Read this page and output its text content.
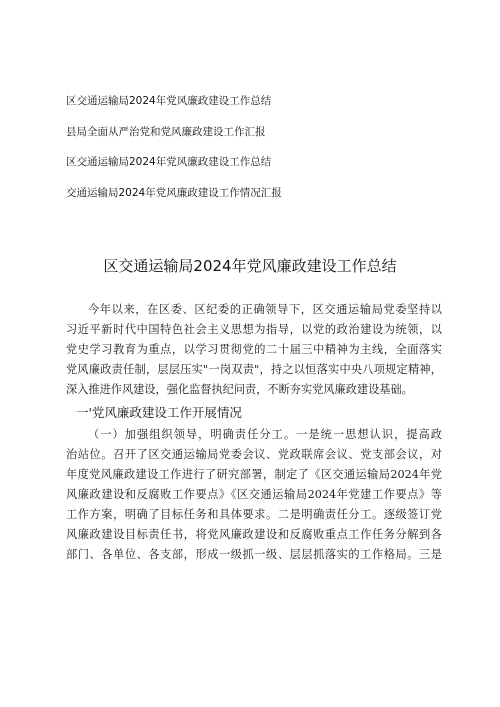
区交通运输局2024年党风廉政建设工作总结
县局全面从严治党和党风廉政建设工作汇报
区交通运输局2024年党风廉政建设工作总结
交通运输局2024年党风廉政建设工作情况汇报
区交通运输局2024年党风廉政建设工作总结
今年以来，在区委、区纪委的正确领导下，区交通运输局党委坚持以
习近平新时代中国特色社会主义思想为指导，以党的政治建设为统领，以
党史学习教育为重点，以学习贯彻党的二十届三中精神为主线，全面落实
党风廉政责任制，层层压实"一岗双责"，持之以恒落实中央八项规定精神，
深入推进作风建设，强化监督执纪问责，不断夯实党风廉政建设基础。
一'党风廉政建设工作开展情况
（一）加强组织领导，明确责任分工。一是统一思想认识，提高政
治站位。召开了区交通运输局党委会议、党政联席会议、党支部会议，对
年度党风廉政建设工作进行了研究部署，制定了《区交通运输局2024年党
风廉政建设和反腐败工作要点》《区交通运输局2024年党建工作要点》等
工作方案，明确了目标任务和具体要求。二是明确责任分工。逐级签订党
风廉政建设目标责任书，将党风廉政建设和反腐败重点工作任务分解到各
部门、各单位、各支部，形成一级抓一级、层层抓落实的工作格局。三是
